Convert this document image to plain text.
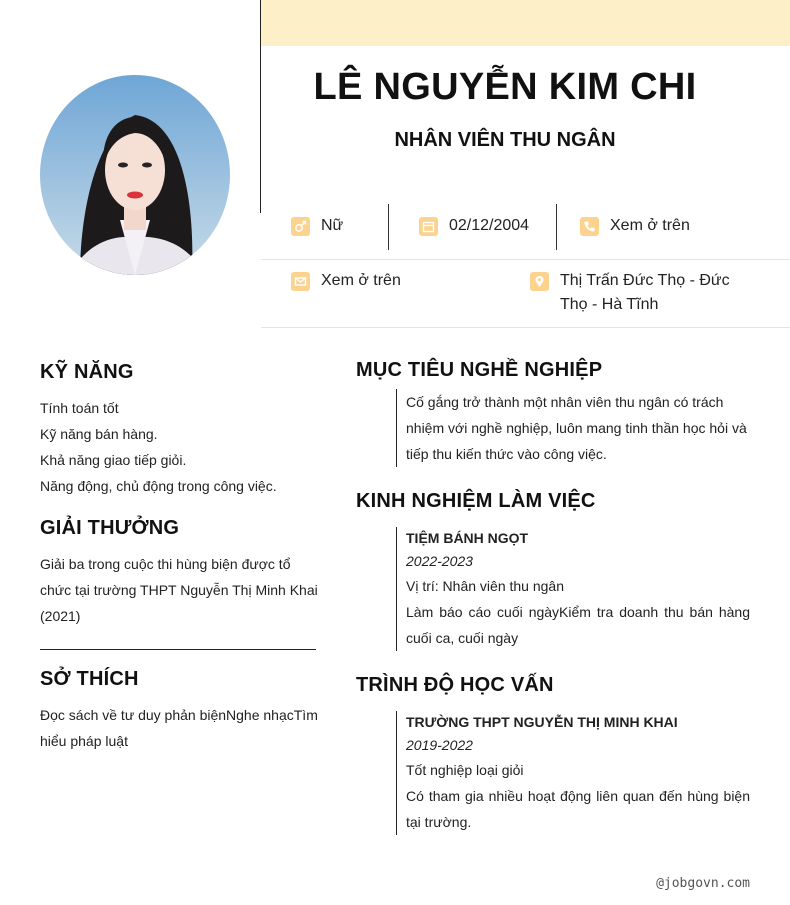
LÊ NGUYỄN KIM CHI
NHÂN VIÊN THU NGÂN
Nữ	02/12/2004	Xem ở trên
Xem ở trên	Thị Trấn Đức Thọ - Đức
Thọ - Hà Tĩnh
KỸ NĂNG
Tính toán tốt
Kỹ năng bán hàng.
Khả năng giao tiếp giỏi.
Năng động, chủ động trong công việc.
GIẢI THƯỞNG
Giải ba trong cuộc thi hùng biện được tổ
chức tại trường THPT Nguyễn Thị Minh Khai
(2021)
SỞ THÍCH
Đọc sách về tư duy phản biệnNghe nhạcTìm
hiểu pháp luật
MỤC TIÊU NGHỀ NGHIỆP
Cố gắng trở thành một nhân viên thu ngân có trách
nhiệm với nghề nghiệp, luôn mang tinh thần học hỏi và
tiếp thu kiến thức vào công việc.
KINH NGHIỆM LÀM VIỆC
TIỆM BÁNH NGỌT
2022-2023
Vị trí: Nhân viên thu ngân
Làm báo cáo cuối ngàyKiểm tra doanh thu bán hàng cuối ca, cuối ngày
TRÌNH ĐỘ HỌC VẤN
TRƯỜNG THPT NGUYỄN THỊ MINH KHAI
2019-2022
Tốt nghiệp loại giỏi
Có tham gia nhiều hoạt động liên quan đến hùng biện tại trường.
@jobgovn.com
